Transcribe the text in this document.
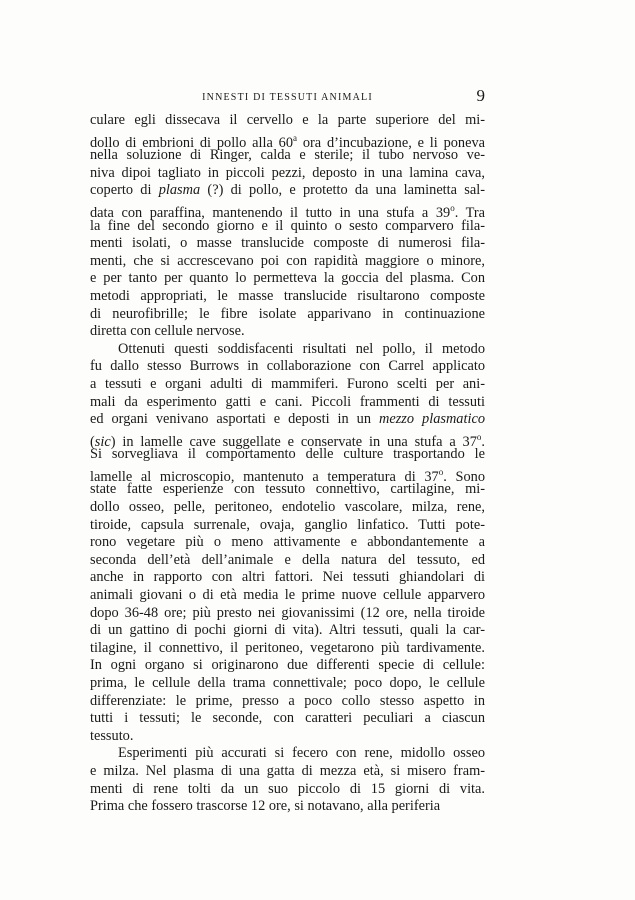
INNESTI DI TESSUTI ANIMALI	9
culare egli dissecava il cervello e la parte superiore del mi-
dollo di embrioni di pollo alla 60$^a$ ora d’incubazione, e li poneva
nella soluzione di Ringer, calda e sterile; il tubo nervoso ve-
niva dipoi tagliato in piccoli pezzi, deposto in una lamina cava,
coperto di plasma (?) di pollo, e protetto da una laminetta sal-
data con paraffina, mantenendo il tutto in una stufa a 39$^o$. Tra
la fine del secondo giorno e il quinto o sesto comparvero fila-
menti isolati, o masse translucide composte di numerosi fila-
menti, che si accrescevano poi con rapidità maggiore o minore,
e per tanto per quanto lo permetteva la goccia del plasma. Con
metodi appropriati, le masse translucide risultarono composte
di neurofibrille; le fibre isolate apparivano in continuazione
diretta con cellule nervose.
Ottenuti questi soddisfacenti risultati nel pollo, il metodo
fu dallo stesso Burrows in collaborazione con Carrel applicato
a tessuti e organi adulti di mammiferi. Furono scelti per ani-
mali da esperimento gatti e cani. Piccoli frammenti di tessuti
ed organi venivano asportati e deposti in un mezzo plasmatico
(sic) in lamelle cave suggellate e conservate in una stufa a 37$^o$.
Si sorvegliava il comportamento delle culture trasportando le
lamelle al microscopio, mantenuto a temperatura di 37$^o$. Sono
state fatte esperienze con tessuto connettivo, cartilagine, mi-
dollo osseo, pelle, peritoneo, endotelio vascolare, milza, rene,
tiroide, capsula surrenale, ovaja, ganglio linfatico. Tutti pote-
rono vegetare più o meno attivamente e abbondantemente a
seconda dell’età dell’animale e della natura del tessuto, ed
anche in rapporto con altri fattori. Nei tessuti ghiandolari di
animali giovani o di età media le prime nuove cellule apparvero
dopo 36-48 ore; più presto nei giovanissimi (12 ore, nella tiroide
di un gattino di pochi giorni di vita). Altri tessuti, quali la car-
tilagine, il connettivo, il peritoneo, vegetarono più tardivamente.
In ogni organo si originarono due differenti specie di cellule:
prima, le cellule della trama connettivale; poco dopo, le cellule
differenziate: le prime, presso a poco collo stesso aspetto in
tutti i tessuti; le seconde, con caratteri peculiari a ciascun
tessuto.
Esperimenti più accurati si fecero con rene, midollo osseo
e milza. Nel plasma di una gatta di mezza età, si misero fram-
menti di rene tolti da un suo piccolo di 15 giorni di vita.
Prima che fossero trascorse 12 ore, si notavano, alla periferia
